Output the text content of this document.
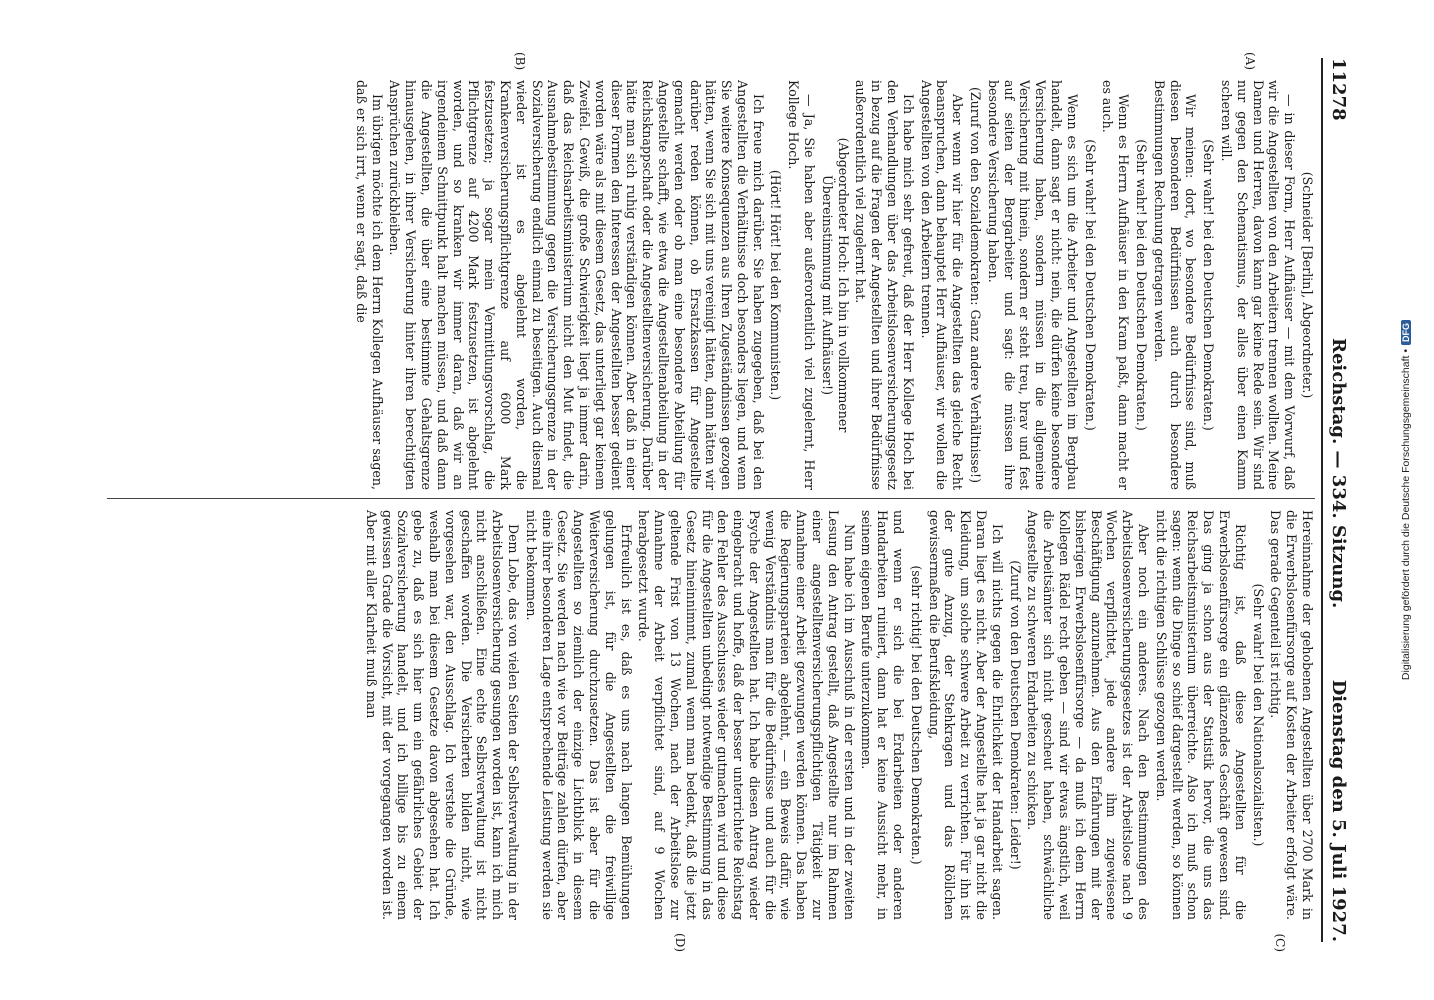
11278
Reichstag. — 334. Sitzung.
Dienstag den 5. Juli 1927.
(A)
(B)
(C)
(D)

(Schneider [Berlin], Abgeordneter.)

— in dieser Form, Herr Aufhäuser — mit dem Vorwurf, daß wir die Angestellten von den Arbeitern trennen wollten. Meine Damen und Herren, davon kann gar keine Rede sein. Wir sind nur gegen den Schematismus, der alles über einen Kamm scheren will.

(Sehr wahr! bei den Deutschen Demokraten.)

Wir meinen: dort, wo besondere Bedürfnisse sind, muß diesen besonderen Bedürfnissen auch durch besondere Bestimmungen Rechnung getragen werden.

(Sehr wahr! bei den Deutschen Demokraten.)

Wenn es Herrn Aufhäuser in den Kram paßt, dann macht er es auch.

(Sehr wahr! bei den Deutschen Demokraten.)

Wenn es sich um die Arbeiter und Angestellten im Bergbau handelt, dann sagt er nicht: nein, die dürfen keine besondere Versicherung haben, sondern müssen in die allgemeine Versicherung mit hinein, sondern er steht treu, brav und fest auf seiten der Bergarbeiter und sagt: die müssen ihre besondere Versicherung haben.

(Zuruf von den Sozialdemokraten: Ganz andere Verhältnisse!)

Aber wenn wir hier für die Angestellten das gleiche Recht beanspruchen, dann behauptet Herr Aufhäuser, wir wollen die Angestellten von den Arbeitern trennen.

Ich habe mich sehr gefreut, daß der Herr Kollege Hoch bei den Verhandlungen über das Arbeitslosenversicherungsgesetz in bezug auf die Fragen der Angestellten und ihrer Bedürfnisse außerordentlich viel zugelernt hat.

(Abgeordneter Hoch: Ich bin in vollkommener Übereinstimmung mit Aufhäuser!)

— Ja, Sie haben aber außerordentlich viel zugelernt, Herr Kollege Hoch.

(Hört! Hört! bei den Kommunisten.)

Ich freue mich darüber. Sie haben zugegeben, daß bei den Angestellten die Verhältnisse doch besonders liegen, und wenn Sie weitere Konsequenzen aus Ihren Zugeständnissen gezogen hätten, wenn Sie sich mit uns vereinigt hätten, dann hätten wir darüber reden können, ob Ersatzkassen für Angestellte gemacht werden oder ob man eine besondere Abteilung für Angestellte schafft, wie etwa die Angestelltenabteilung in der Reichsknappschaft oder die Angestelltenversicherung. Darüber hätte man sich ruhig verständigen können. Aber daß in einer dieser Formen den Interessen der Angestellten besser gedient worden wäre als mit diesem Gesetz, das unterliegt gar keinem Zweifel. Gewiß, die große Schwierigkeit liegt ja immer darin, daß das Reichsarbeitsministerium nicht den Mut findet, die Ausnahmebestimmung gegen die Versicherungsgrenze in der Sozialversicherung endlich einmal zu beseitigen. Auch diesmal wieder ist es abgelehnt worden, die Krankenversicherungspflichtgrenze auf 6000 Mark festzusetzen; ja sogar mein Vermittlungsvorschlag, die Pflichtgrenze auf 4200 Mark festzusetzen, ist abgelehnt worden, und so kranken wir immer daran, daß wir an irgendeinem Schnittpunkt halt machen müssen, und daß dann die Angestellten, die über eine bestimmte Gehaltsgrenze hinausgehen, in ihrer Versicherung hinter ihren berechtigten Ansprüchen zurückbleiben.

Im übrigen möchte ich dem Herrn Kollegen Aufhäuser sagen, daß er sich irrt, wenn er sagt, daß die

Hereinnahme der gehobenen Angestellten über 2700 Mark in die Erwerbslosenfürsorge auf Kosten der Arbeiter erfolgt wäre. Das gerade Gegenteil ist richtig.

(Sehr wahr! bei den Nationalsozialisten.)

Richtig ist, daß diese Angestellten für die Erwerbslosenfürsorge ein glänzendes Geschäft gewesen sind. Das ging ja schon aus der Statistik hervor, die uns das Reichsarbeitsministerium überreichte. Also ich muß schon sagen: wenn die Dinge so schief dargestellt werden, so können nicht die richtigen Schlüsse gezogen werden.

Aber noch ein anderes. Nach den Bestimmungen des Arbeitslosenversicherungsgesetzes ist der Arbeitslose nach 9 Wochen verpflichtet, jede andere ihm zugewiesene Beschäftigung anzunehmen. Aus den Erfahrungen mit der bisherigen Erwerbslosenfürsorge — da muß ich dem Herrn Kollegen Rädel recht geben — sind wir etwas ängstlich, weil die Arbeitsämter sich nicht gescheut haben, schwächliche Angestellte zu schweren Erdarbeiten zu schicken.

(Zuruf von den Deutschen Demokraten: Leider!)

Ich will nichts gegen die Ehrlichkeit der Handarbeit sagen. Daran liegt es nicht. Aber der Angestellte hat ja gar nicht die Kleidung, um solche schwere Arbeit zu verrichten. Für ihn ist der gute Anzug, der Stehkragen und das Röllchen gewissermaßen die Berufskleidung,

(sehr richtig! bei den Deutschen Demokraten.)

und wenn er sich die bei Erdarbeiten oder anderen Handarbeiten ruiniert, dann hat er keine Aussicht mehr, in seinem eigenen Berufe unterzukommen.

Nun habe ich im Ausschuß in der ersten und in der zweiten Lesung den Antrag gestellt, daß Angestellte nur im Rahmen einer angestelltenversicherungspflichtigen Tätigkeit zur Annahme einer Arbeit gezwungen werden können. Das haben die Regierungsparteien abgelehnt, — ein Beweis dafür, wie wenig Verständnis man für die Bedürfnisse und auch für die Psyche der Angestellten hat. Ich habe diesen Antrag wieder eingebracht und hoffe, daß der besser unterrichtete Reichstag den Fehler des Ausschusses wieder gutmachen wird und diese für die Angestellten unbedingt notwendige Bestimmung in das Gesetz hineinnimmt, zumal wenn man bedenkt, daß die jetzt geltende Frist von 13 Wochen, nach der Arbeitslose zur Annahme der Arbeit verpflichtet sind, auf 9 Wochen herabgesetzt wurde.

Erfreulich ist es, daß es uns nach langen Bemühungen gelungen ist, für die Angestellten die freiwillige Weiterversicherung durchzusetzen. Das ist aber für die Angestellten so ziemlich der einzige Lichtblick in diesem Gesetz. Sie werden nach wie vor Beiträge zahlen dürfen, aber eine ihrer besonderen Lage entsprechende Leistung werden sie nicht bekommen.

Dem Lobe, das von vielen Seiten der Selbstverwaltung in der Arbeitslosenversicherung gesungen worden ist, kann ich mich nicht anschließen. Eine echte Selbstverwaltung ist nicht geschaffen worden. Die Versicherten bilden nicht, wie vorgesehen war, den Ausschlag. Ich verstehe die Gründe, weshalb man bei diesem Gesetze davon abgesehen hat. Ich gebe zu, daß es sich hier um ein gefährliches Gebiet der Sozialversicherung handelt, und ich billige bis zu einem gewissen Grade die Vorsicht, mit der vorgegangen worden ist. Aber mit aller Klarheit muß man	Digitalisierung gefördert durch die Deutsche Forschungsgemeinschaft •DFG
